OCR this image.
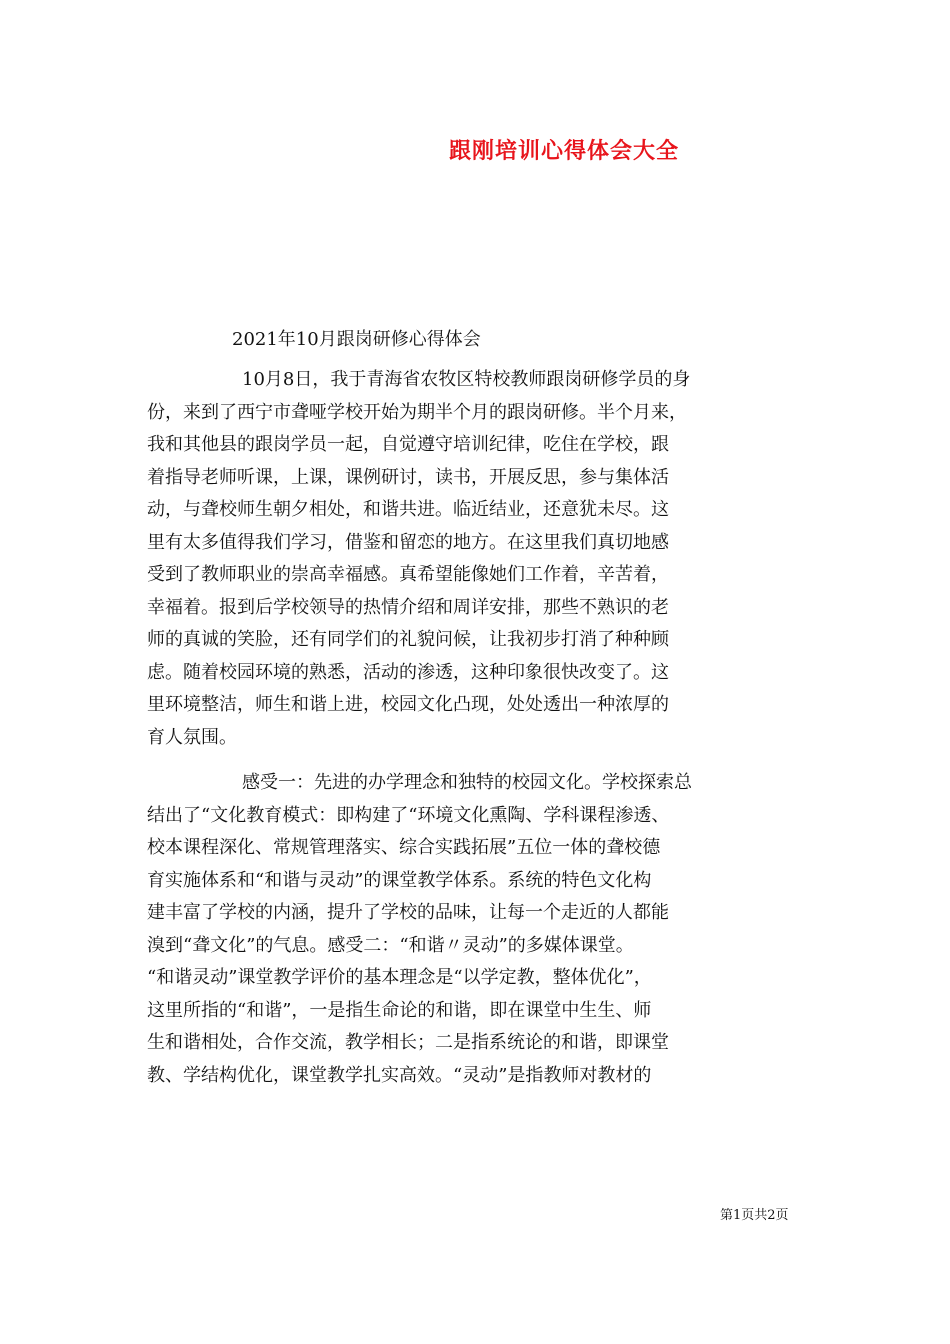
跟刚培训心得体会大全
2021年10月跟岗研修心得体会
10月8日，我于青海省农牧区特校教师跟岗研修学员的身
份，来到了西宁市聋哑学校开始为期半个月的跟岗研修。半个月来，
我和其他县的跟岗学员一起，自觉遵守培训纪律，吃住在学校，跟
着指导老师听课，上课，课例研讨，读书，开展反思，参与集体活
动，与聋校师生朝夕相处，和谐共进。临近结业，还意犹未尽。这
里有太多值得我们学习，借鉴和留恋的地方。在这里我们真切地感
受到了教师职业的崇高幸福感。真希望能像她们工作着，辛苦着，
幸福着。报到后学校领导的热情介绍和周详安排，那些不熟识的老
师的真诚的笑脸，还有同学们的礼貌问候，让我初步打消了种种顾
虑。随着校园环境的熟悉，活动的渗透，这种印象很快改变了。这
里环境整洁，师生和谐上进，校园文化凸现，处处透出一种浓厚的
育人氛围。
感受一：先进的办学理念和独特的校园文化。学校探索总
结出了“文化教育模式：即构建了“环境文化熏陶、学科课程渗透、
校本课程深化、常规管理落实、综合实践拓展”五位一体的聋校德
育实施体系和“和谐与灵动”的课堂教学体系。系统的特色文化构
建丰富了学校的内涵，提升了学校的品味，让每一个走近的人都能
溴到“聋文化”的气息。感受二：“和谐〃灵动”的多媒体课堂。
“和谐灵动”课堂教学评价的基本理念是“以学定教，整体优化”，
这里所指的“和谐”，一是指生命论的和谐，即在课堂中生生、师
生和谐相处，合作交流，教学相长；二是指系统论的和谐，即课堂
教、学结构优化，课堂教学扎实高效。“灵动”是指教师对教材的
第1页共2页
